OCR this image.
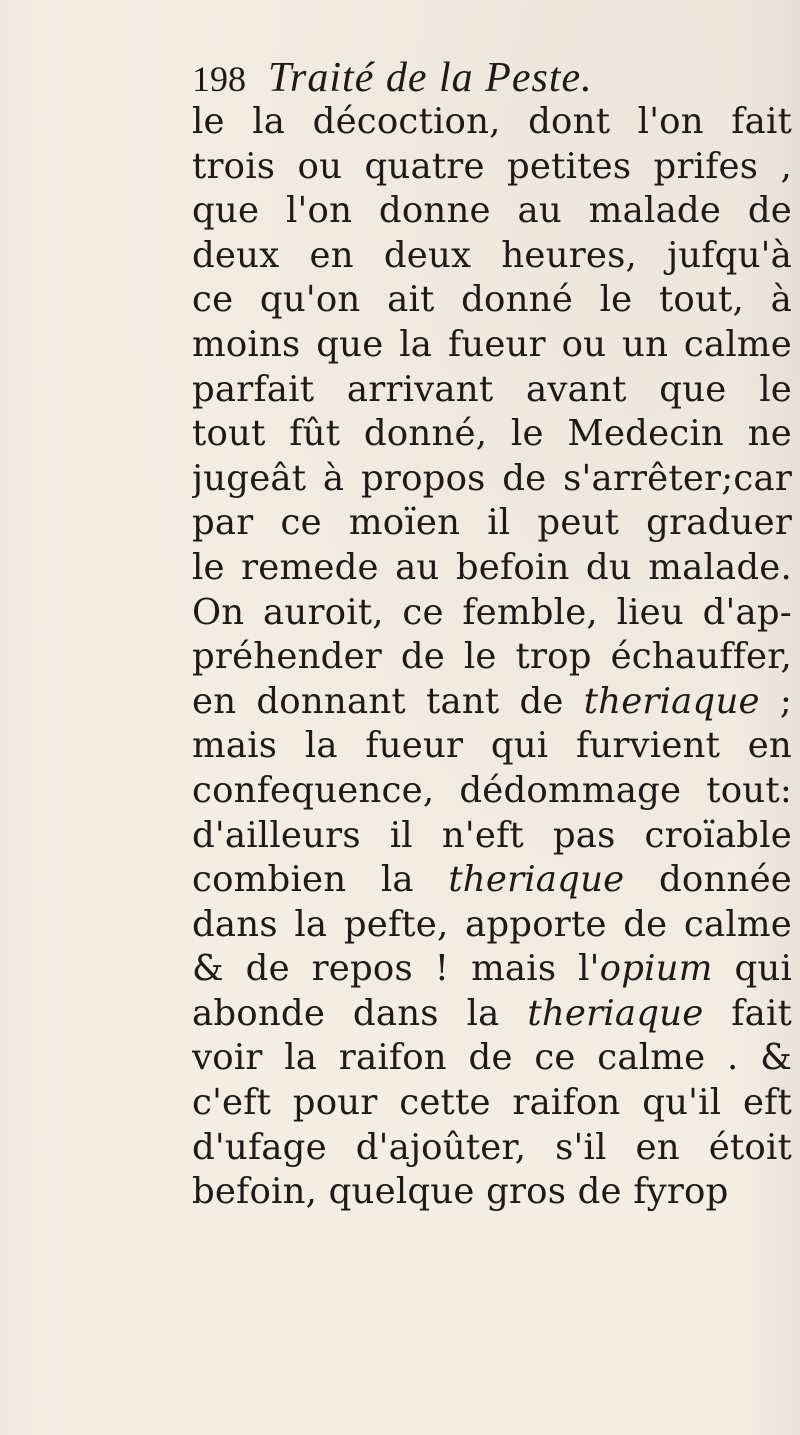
198 Traité de la Peste.
le la décoction, dont l'on fait
trois ou quatre petites prifes ,
que l'on donne au malade de
deux en deux heures, jufqu'à
ce qu'on ait donné le tout, à
moins que la fueur ou un calme
parfait arrivant avant que le
tout fût donné, le Medecin ne
jugeât à propos de s'arrêter;car
par ce moïen il peut graduer
le remede au befoin du malade.
On auroit, ce femble, lieu d'ap-
préhender de le trop échauffer,
en donnant tant de theriaque ;
mais la fueur qui furvient en
confequence, dédommage tout:
d'ailleurs il n'eft pas croïable
combien la theriaque donnée
dans la pefte, apporte de calme
& de repos ! mais l'opium qui
abonde dans la theriaque fait
voir la raifon de ce calme . &
c'eft pour cette raifon qu'il eft
d'ufage d'ajoûter, s'il en étoit
befoin, quelque gros de fyrop
